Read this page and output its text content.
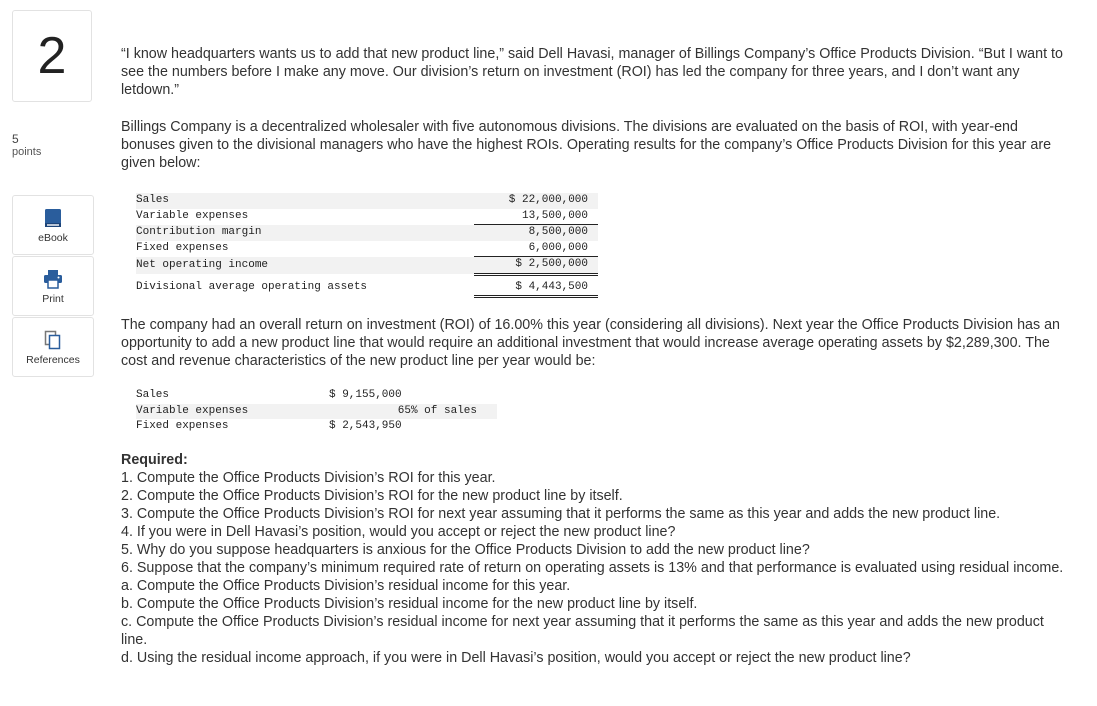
2
5
points
eBook
Print
References

“I know headquarters wants us to add that new product line,” said Dell Havasi, manager of Billings Company’s Office Products Division. “But I want to see the numbers before I make any move. Our division’s return on investment (ROI) has led the company for three years, and I don’t want any letdown.”

Billings Company is a decentralized wholesaler with five autonomous divisions. The divisions are evaluated on the basis of ROI, with year-end bonuses given to the divisional managers who have the highest ROIs. Operating results for the company’s Office Products Division for this year are given below:

Sales	$ 22,000,000
Variable expenses	13,500,000
Contribution margin	8,500,000
Fixed expenses	6,000,000
Net operating income	$ 2,500,000
Divisional average operating assets	$ 4,443,500

The company had an overall return on investment (ROI) of 16.00% this year (considering all divisions). Next year the Office Products Division has an opportunity to add a new product line that would require an additional investment that would increase average operating assets by $2,289,300. The cost and revenue characteristics of the new product line per year would be:

Sales	$ 9,155,000
Variable expenses	65% of sales
Fixed expenses	$ 2,543,950
Required:

1. Compute the Office Products Division’s ROI for this year.

2. Compute the Office Products Division’s ROI for the new product line by itself.

3. Compute the Office Products Division’s ROI for next year assuming that it performs the same as this year and adds the new product line.

4. If you were in Dell Havasi’s position, would you accept or reject the new product line?

5. Why do you suppose headquarters is anxious for the Office Products Division to add the new product line?

6. Suppose that the company’s minimum required rate of return on operating assets is 13% and that performance is evaluated using residual income.

a. Compute the Office Products Division’s residual income for this year.

b. Compute the Office Products Division’s residual income for the new product line by itself.

c. Compute the Office Products Division’s residual income for next year assuming that it performs the same as this year and adds the new product line.

d. Using the residual income approach, if you were in Dell Havasi’s position, would you accept or reject the new product line?
